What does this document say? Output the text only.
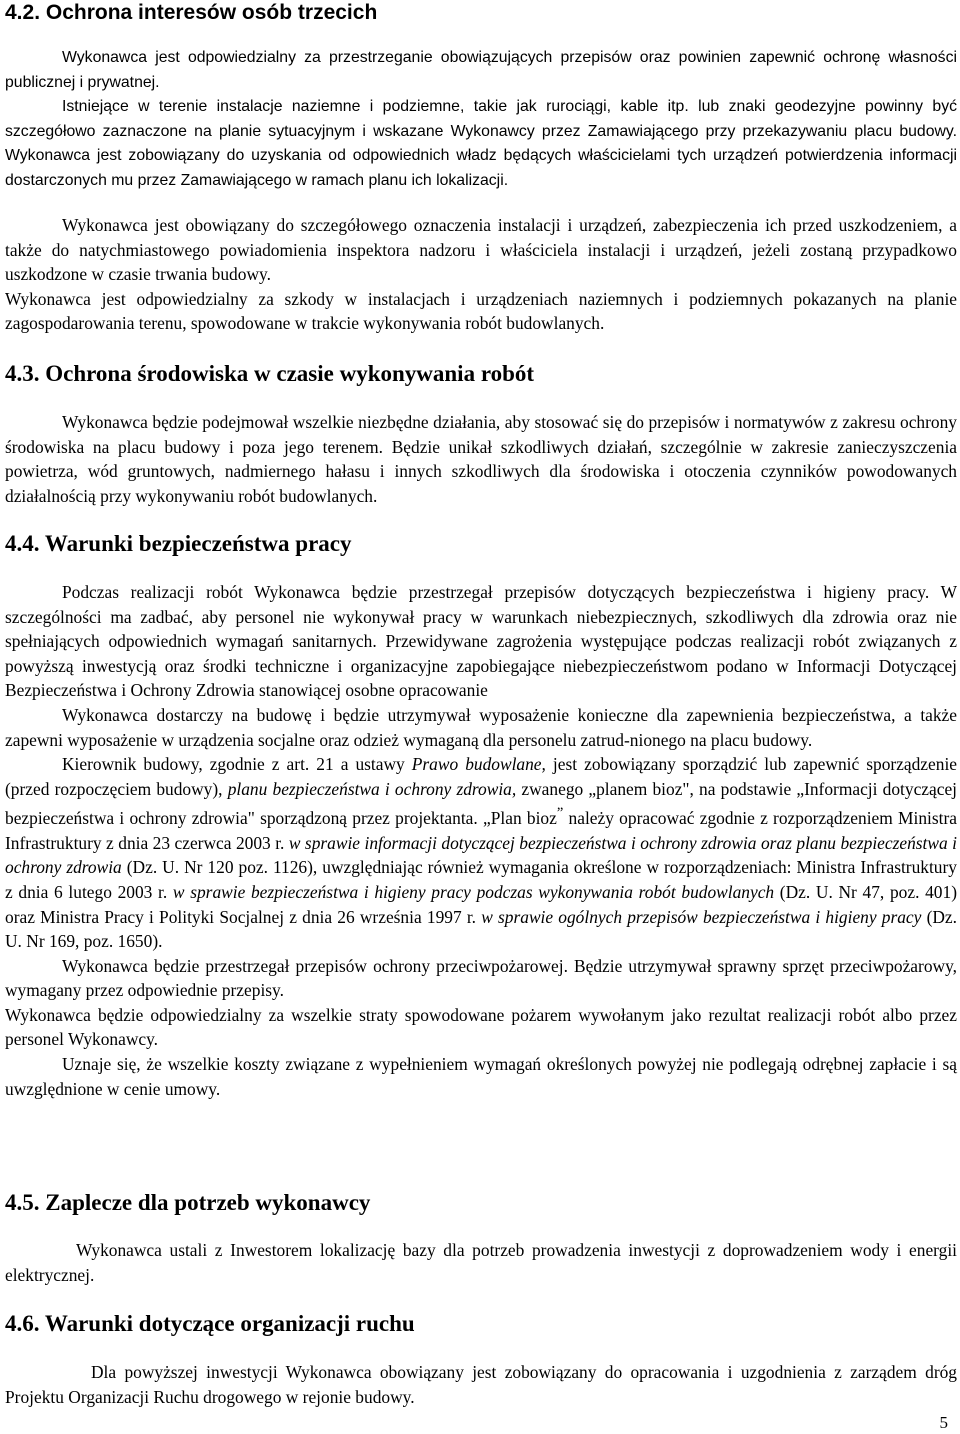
4.2. Ochrona interesów osób trzecich

Wykonawca jest odpowiedzialny za przestrzeganie obowiązujących przepisów oraz powinien zapewnić ochronę własności publicznej i prywatnej.

Istniejące w terenie instalacje naziemne i podziemne, takie jak rurociągi, kable itp. lub znaki geodezyjne powinny być szczegółowo zaznaczone na planie sytuacyjnym i wskazane Wykonawcy przez Zamawiającego przy przekazywaniu placu budowy. Wykonawca jest zobowiązany do uzyskania od odpowiednich władz będących właścicielami tych urządzeń potwierdzenia informacji dostarczonych mu przez Zamawiającego w ramach planu ich lokalizacji.

Wykonawca jest obowiązany do szczegółowego oznaczenia instalacji i urządzeń, zabezpieczenia ich przed uszkodzeniem, a także do natychmiastowego powiadomienia inspektora nadzoru i właściciela instalacji i urządzeń, jeżeli zostaną przypadkowo uszkodzone w czasie trwania budowy.

Wykonawca jest odpowiedzialny za szkody w instalacjach i urządzeniach naziemnych i podziemnych pokazanych na planie zagospodarowania terenu, spowodowane w trakcie wykonywania robót budowlanych.

4.3. Ochrona środowiska w czasie wykonywania robót

Wykonawca będzie podejmował wszelkie niezbędne działania, aby stosować się do przepisów i normatywów z zakresu ochrony środowiska na placu budowy i poza jego terenem. Będzie unikał szkodliwych działań, szczególnie w zakresie zanieczyszczenia powietrza, wód gruntowych, nadmiernego hałasu i innych szkodliwych dla środowiska i otoczenia czynników powodowanych działalnością przy wykonywaniu robót budowlanych.

4.4. Warunki bezpieczeństwa pracy

Podczas realizacji robót Wykonawca będzie przestrzegał przepisów dotyczących bezpieczeństwa i higieny pracy. W szczególności ma zadbać, aby personel nie wykonywał pracy w warunkach niebezpiecznych, szkodliwych dla zdrowia oraz nie spełniających odpowiednich wymagań sanitarnych. Przewidywane zagrożenia występujące podczas realizacji robót związanych z powyższą inwestycją oraz środki techniczne i organizacyjne zapobiegające niebezpieczeństwom podano w Informacji Dotyczącej Bezpieczeństwa i Ochrony Zdrowia stanowiącej osobne opracowanie

Wykonawca dostarczy na budowę i będzie utrzymywał wyposażenie konieczne dla zapewnienia bezpieczeństwa, a także zapewni wyposażenie w urządzenia socjalne oraz odzież wymaganą dla personelu zatrud-nionego na placu budowy.

Kierownik budowy, zgodnie z art. 21 a ustawy Prawo budowlane, jest zobowiązany sporządzić lub zapewnić sporządzenie (przed rozpoczęciem budowy), planu bezpieczeństwa i ochrony zdrowia, zwanego „planem bioz", na podstawie „Informacji dotyczącej bezpieczeństwa i ochrony zdrowia" sporządzoną przez projektanta. „Plan bioz” należy opracować zgodnie z rozporządzeniem Ministra Infrastruktury z dnia 23 czerwca 2003 r. w sprawie informacji dotyczącej bezpieczeństwa i ochrony zdrowia oraz planu bezpieczeństwa i ochrony zdrowia (Dz. U. Nr 120 poz. 1126), uwzględniając również wymagania określone w rozporządzeniach: Ministra Infrastruktury z dnia 6 lutego 2003 r. w sprawie bezpieczeństwa i higieny pracy podczas wykonywania robót budowlanych (Dz. U. Nr 47, poz. 401) oraz Ministra Pracy i Polityki Socjalnej z dnia 26 września 1997 r. w sprawie ogólnych przepisów bezpieczeństwa i higieny pracy (Dz. U. Nr 169, poz. 1650).

Wykonawca będzie przestrzegał przepisów ochrony przeciwpożarowej. Będzie utrzymywał sprawny sprzęt przeciwpożarowy, wymagany przez odpowiednie przepisy.

Wykonawca będzie odpowiedzialny za wszelkie straty spowodowane pożarem wywołanym jako rezultat realizacji robót albo przez personel Wykonawcy.

Uznaje się, że wszelkie koszty związane z wypełnieniem wymagań określonych powyżej nie podlegają odrębnej zapłacie i są uwzględnione w cenie umowy.

4.5. Zaplecze dla potrzeb wykonawcy

Wykonawca ustali z Inwestorem lokalizację bazy dla potrzeb prowadzenia inwestycji z doprowadzeniem wody i energii elektrycznej.

4.6. Warunki dotyczące organizacji ruchu

Dla powyższej inwestycji Wykonawca obowiązany jest zobowiązany do opracowania i uzgodnienia z zarządem dróg Projektu Organizacji Ruchu drogowego w rejonie budowy.

5
